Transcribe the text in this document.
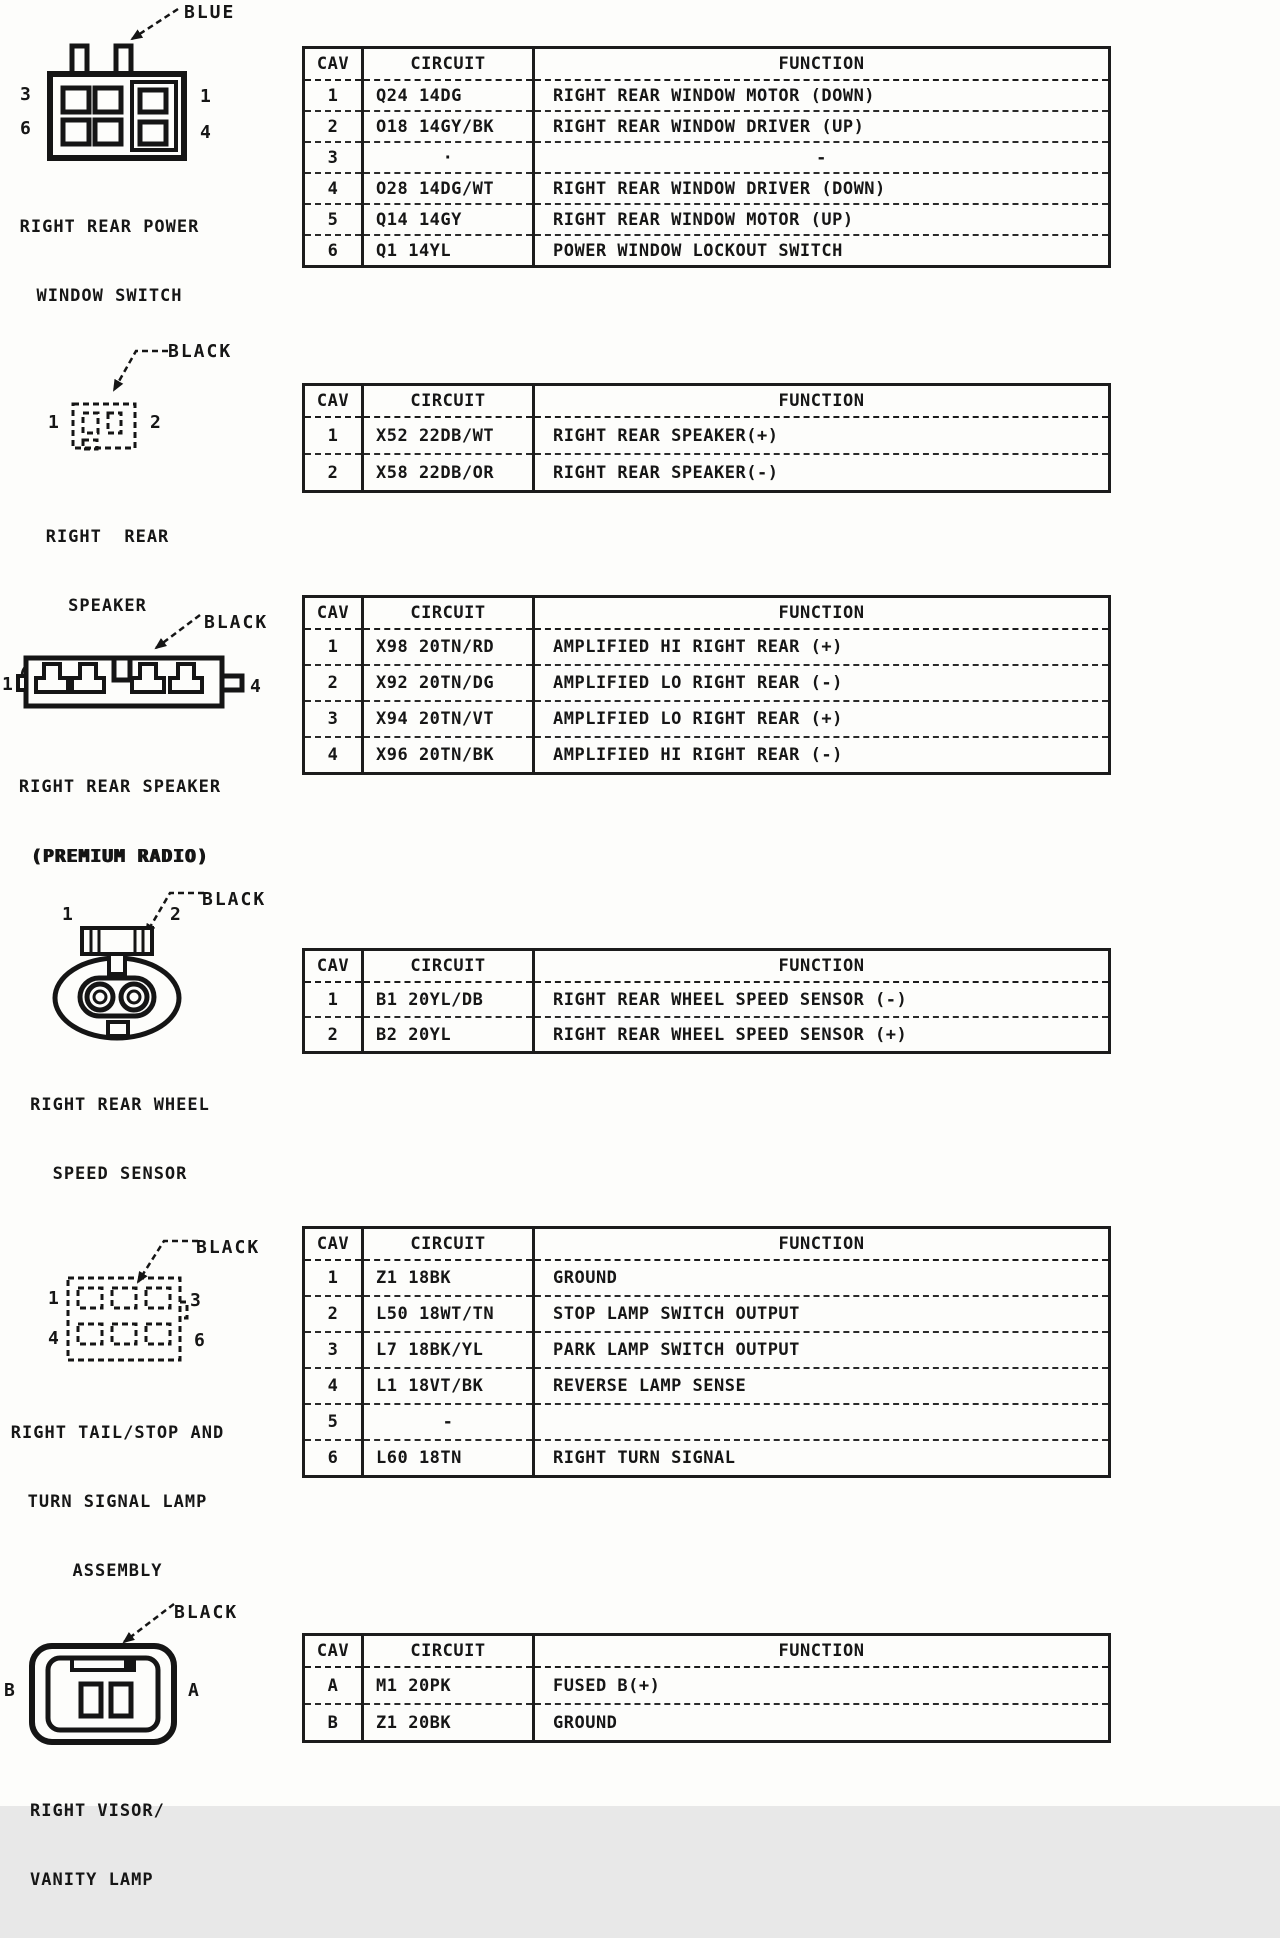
BLUE
3
6
1
4

RIGHT REAR POWER

WINDOW SWITCH

CAV	CIRCUIT	FUNCTION
1	Q24 14DG	RIGHT REAR WINDOW MOTOR (DOWN)
2	O18 14GY/BK	RIGHT REAR WINDOW DRIVER (UP)
3	·	-
4	O28 14DG/WT	RIGHT REAR WINDOW DRIVER (DOWN)
5	Q14 14GY	RIGHT REAR WINDOW MOTOR (UP)
6	Q1 14YL	POWER WINDOW LOCKOUT SWITCH
BLACK
1	2

RIGHT  REAR

SPEAKER

CAV	CIRCUIT	FUNCTION
1	X52 22DB/WT	RIGHT REAR SPEAKER(+)
2	X58 22DB/OR	RIGHT REAR SPEAKER(-)
BLACK
1	4

RIGHT REAR SPEAKER

(PREMIUM RADIO)

CAV	CIRCUIT	FUNCTION
1	X98 20TN/RD	AMPLIFIED HI RIGHT REAR (+)
2	X92 20TN/DG	AMPLIFIED LO RIGHT REAR (-)
3	X94 20TN/VT	AMPLIFIED LO RIGHT REAR (+)
4	X96 20TN/BK	AMPLIFIED HI RIGHT REAR (-)
BLACK
1	2

RIGHT REAR WHEEL

SPEED SENSOR

CAV	CIRCUIT	FUNCTION
1	B1 20YL/DB	RIGHT REAR WHEEL SPEED SENSOR (-)
2	B2 20YL	RIGHT REAR WHEEL SPEED SENSOR (+)
BLACK
1	3
4	6

RIGHT TAIL/STOP AND

TURN SIGNAL LAMP

ASSEMBLY

CAV	CIRCUIT	FUNCTION
1	Z1 18BK	GROUND
2	L50 18WT/TN	STOP LAMP SWITCH OUTPUT
3	L7 18BK/YL	PARK LAMP SWITCH OUTPUT
4	L1 18VT/BK	REVERSE LAMP SENSE
5	-	
6	L60 18TN	RIGHT TURN SIGNAL
BLACK
B	A

RIGHT VISOR/

VANITY LAMP

CAV	CIRCUIT	FUNCTION
A	M1 20PK	FUSED B(+)
B	Z1 20BK	GROUND
